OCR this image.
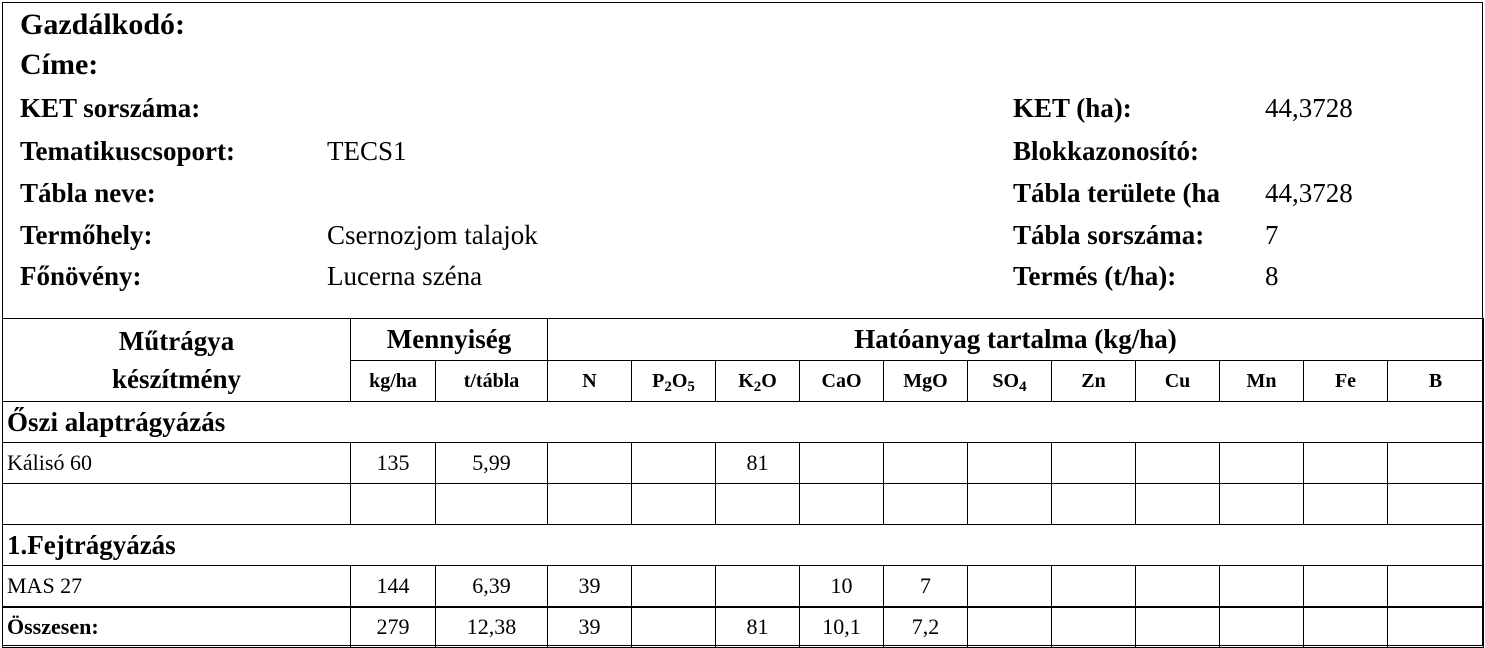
Gazdálkodó:
Címe:
KET sorszáma:
Tematikuscsoport:	TECS1
Tábla neve:
Termőhely:	Csernozjom talajok
Főnövény:	Lucerna széna
KET (ha):	44,3728
Blokkazonosító:
Tábla területe (ha 44,3728
Tábla sorszáma: 7
Termés (t/ha):	8
Műtrágya
készítmény	Mennyiség		Hatóanyag tartalma (kg/ha)										
	kg/ha	t/tábla	N	$P_2O_5$	$K_2O$	CaO	MgO	$SO_4$	Zn	Cu	Mn	Fe	B
Őszi alaptrágyázás													
Kálisó 60	135	5,99			81								

1.Fejtrágyázás													
MAS 27	144	6,39	39			10	7						
Összesen:	279	12,38	39		81	10,1	7,2						
